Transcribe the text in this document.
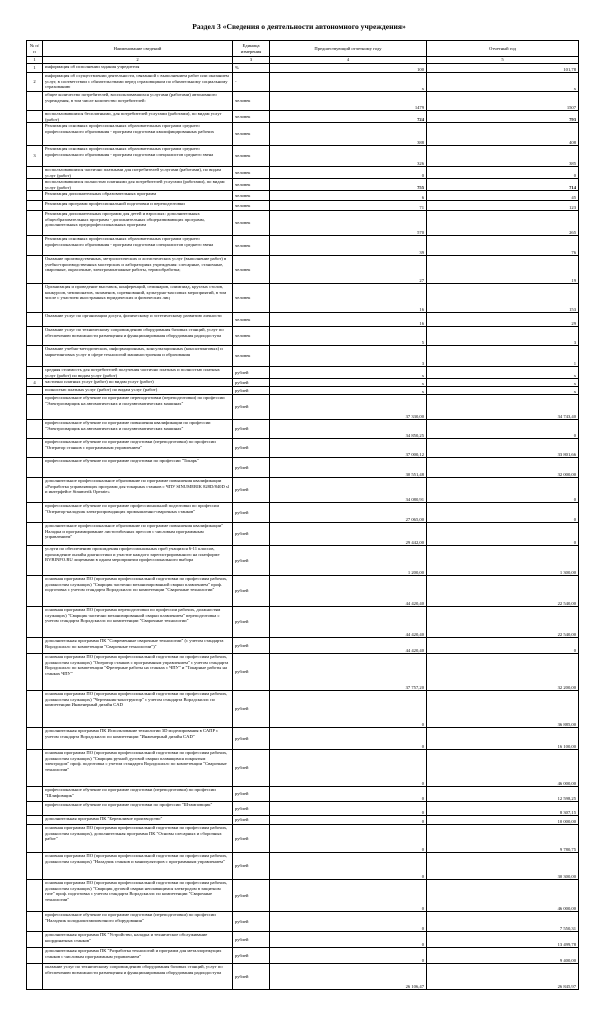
Раздел 3 «Сведения о деятельности автономного учреждения»
№ п/п	Наименование сведений	Единица измерения	Предшествующий отчетному году	Отчетный год
1	2	3	4	5
1	информация об исполнении задания учредителя	%	100	101,78
2	информация об осуществлении деятельности, связанной с выполнением работ или оказанием услуг, в соответствии с обязательствами перед страховщиком по обязательному социальному страхованию	-	x	x
	общее количество потребителей, воспользовавшихся услугами (работами) автономного учреждения, в том числе количество потребителей:	человек	1479	1507
	воспользовавшихся бесплатными, для потребителей услугами (работами), по видам услуг (работ)	человек	724	793
	Реализация основных профессиональных образовательных программ среднего профессионального образования - программ подготовки квалифицированных рабочих	человек	388	408
3	Реализация основных профессиональных образовательных программ среднего профессионального образования - программ подготовки специалистов среднего звена	человек	326	385
	воспользовавшихся частично платными для потребителей услугами (работами), по видам услуг (работ)	человек	0	0
	воспользовавшихся полностью платными для потребителей услугами (работами), по видам услуг (работ)	человек	755	714
	Реализация дополнительных образовательных программ	человек	6	45
	Реализация программ профессиональной подготовки и переподготовки	человек	71	123
	Реализация дополнительных программ для детей и взрослых: дополнительных общеобразовательных программ - дополнительных общеразвивающих программ, дополнительных предпрофессиональных программ	человек	570	265
	Реализация основных профессиональных образовательных программ среднего профессионального образования - программ подготовки специалистов среднего звена	человек	39	76
	Оказание производственных, метрологических и логистических услуг (выполнение работ) в учебно-производственных мастерских и лабораториях учреждения: слесарные, станочные, сварочные, окрасочные, электромонтажные работы, термообработка;	человек	27	19
	Организация и проведение выставок, конференций, семинаров, олимпиад, круглых столов, конкурсов, чемпионатов, экзаменов, соревнований, культурно-массовых мероприятий, в том числе с участием иностранных юридических и физических лиц	человек	16	153
	Оказание услуг по организации досуга, физическому и эстетическому развитию личности	человек	16	29
	Оказание услуг по техническому сопровождению оборудования базовых станций, услуг по обеспечению возможности размещения и функционирования оборудования радиодоступа	человек	5	3
	Оказание учебно-методических, информационных, консультационных (консалтинговых) и маркетинговых услуг в сфере технологий машиностроения и образования	человек	3	1
	средняя стоимость для потребителей получения частично платных и полностью платных услуг (работ) по видам услуг (работ)	рублей	x	x
4	частично платных услуг (работ) по видам услуг (работ)	рублей	x	x
	полностью платных услуг (работ) по видам услуг (работ)	рублей	x	x
	профессиональное обучение по программе переподготовки (переподготовки) по профессии "Электросварщик на автоматических и полуавтоматических машинах"	рублей	37 330,00	34 743,40
	профессиональное обучение по программе повышения квалификации по профессии "Электросварщик на автоматических и полуавтоматических машинах"	рублей	34 850,25	0
	профессиональное обучение по программе подготовки (переподготовки) по профессии "Оператор станков с программным управлением"	рублей	37 000,12	33 801,66
	профессиональное обучение по программе подготовки по профессии "Токарь"	рублей	30 551,48	32 000,00
	дополнительное профессиональное образование по программе повышения квалификации «Разработка управляющих программ для токарных станков с ЧПУ SINUMERIK 828D/840D sl и интерфейсе Sinumerik Operate»	рублей	34 080,91	0
	профессиональное обучение по программе профессиональной подготовки по профессии "Оператор-наладчик электропроводящих промышленно-сварочных станков"	рублей	27 065,00	0
	дополнительное профессиональное образование по программе повышения квалификации" Наладка и программирование листогибочных прессов с числовым программным управлением"	рублей	29 442,00	0
	услуги по обеспечению прохождения профессиональных проб учащихся 6-11 классов, прохождение онлайн диагностики и участие каждого зарегистрированного на платформе BVBINFO.RU лицемыми в одном мероприятии профессионального выбора	рублей	1 200,00	1 300,00
	основная программа ПО (программа профессиональной подготовки по профессиям рабочих, должностям служащих) "Сварщик частично механизированной сварки плавлением" проф. подготовка с учетом стандарта Ворлдскиллс по компетенции "Сварочные технологии"	рублей	44 420,40	22 540,00
	основная программа ПО (программа переподготовки по профессии рабочих, должностям служащих) "Сварщик частично механизированной сварки плавлением" переподготовка с учетом стандарта Ворлдскиллс по компетенции "Сварочные технологии"	рублей	44 420,40	22 540,00
	дополнительная программа ПК "Современные сварочные технологии" (с учетом стандарта Ворлдскиллс по компетенции "Сварочные технологии")"	рублей	44 420,40	0
	основная программа ПО (программа профессиональной подготовки по профессиям рабочих, должностям служащих) "Оператор станков с программным управлением" с учетом стандарта Ворлдскиллс по компетенции "Фрезерные работы на станках с ЧПУ" и "Токарные работы на станках ЧПУ"	рублей	37 757,20	32 200,00
	основная программа ПО (программа профессиональной подготовки по профессиям рабочих, должностям служащих) "Чертежник-конструктор" с учетом стандарта Ворлдскиллс по компетенции Инженерный дизайн CAD	рублей	0	36 885,00
	дополнительная программа ПК Использование технологии 3D моделирования в САПР с учетом стандарта Ворлдскиллс по компетенции "Инженерный дизайн CAD"	рублей	0	16 100,00
	основная программа ПО (программа профессиональной подготовки по профессиям рабочих, должностям служащих) "Сварщик ручной дуговой сварки плавящимся покрытым электродом" проф. подготовка с учетом стандарта Ворлдскиллс по компетенции "Сварочные технологии"	рублей	0	46 000,00
	профессиональное обучение по программе подготовки (переподготовки) по профессии "Шлифовщик"	рублей	0	12 598,25
	профессиональное обучение по программе подготовки по профессии "Штамповщик"	рублей	0	8 307,15
	дополнительная программа ПК "Бережливое производство"	рублей	0	10 000,00
	основная программа ПО (программа профессиональной подготовки по профессиям рабочих, должностям служащих), дополнительная программа ПК "Основы слесарных и сборочных работ"	рублей	0	9 780,75
	основная программа ПО (программа профессиональной подготовки по профессиям рабочих, должностям служащих) "Наладчик станков и манипуляторов с программным управлением"	рублей	0	30 300,00
	основная программа ПО (программа профессиональной подготовки по профессиям рабочих, должностям служащих) "Сварщик дуговой сварки неплавящимся электродом в защитном газе" проф. подготовка с учетом стандарта Ворлдскиллс по компетенции "Сварочные технологии"	рублей	0	46 000,00
	профессиональное обучение по программе подготовки (переподготовки) по профессии "Наладчик холодноштамповочного оборудования"	рублей	0	7 550,31
	дополнительная программа ПК "Устройство, наладка и техническое обслуживание координатных станков"	рублей	0	13 499,78
	дополнительная программа ПК "Разработка технологий и программ для металлорежущих станков с числовым программным управлением"	рублей	0	9 400,00
	оказание услуг по техническому сопровождению оборудования базовых станций, услуг по обеспечению возможности размещения и функционирования оборудования радиодоступа	рублей	26 106,47	26 845,97
